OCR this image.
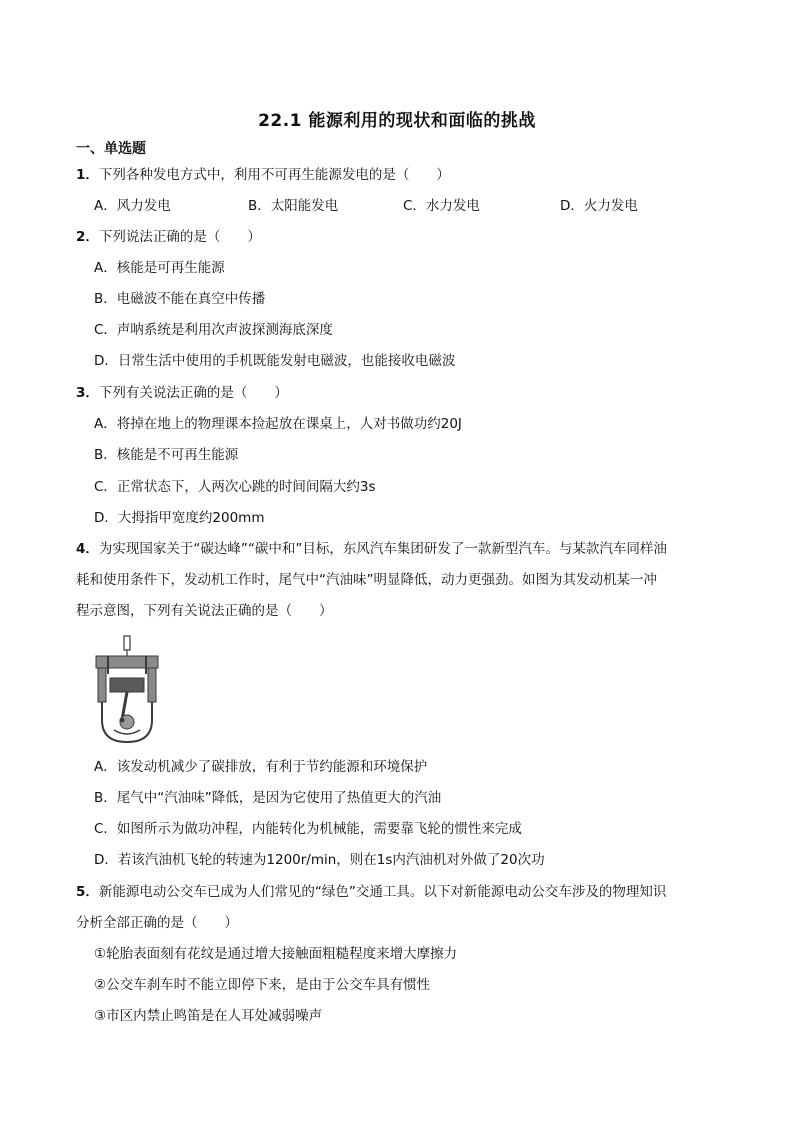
22.1 能源利用的现状和面临的挑战
一、单选题
1．下列各种发电方式中，利用不可再生能源发电的是（　　）
A．风力发电	B．太阳能发电	C．水力发电	D．火力发电
2．下列说法正确的是（　　）
A．核能是可再生能源
B．电磁波不能在真空中传播
C．声呐系统是利用次声波探测海底深度
D．日常生活中使用的手机既能发射电磁波，也能接收电磁波
3．下列有关说法正确的是（　　）
A．将掉在地上的物理课本捡起放在课桌上，人对书做功约20J
B．核能是不可再生能源
C．正常状态下，人两次心跳的时间间隔大约3s
D．大拇指甲宽度约200mm
4．为实现国家关于“碳达峰”“碳中和”目标，东风汽车集团研发了一款新型汽车。与某款汽车同样油
耗和使用条件下，发动机工作时，尾气中“汽油味”明显降低，动力更强劲。如图为其发动机某一冲
程示意图，下列有关说法正确的是（　　）
A．该发动机减少了碳排放，有利于节约能源和环境保护
B．尾气中“汽油味”降低，是因为它使用了热值更大的汽油
C．如图所示为做功冲程，内能转化为机械能，需要靠飞轮的惯性来完成
D．若该汽油机飞轮的转速为1200r/min，则在1s内汽油机对外做了20次功
5．新能源电动公交车已成为人们常见的“绿色”交通工具。以下对新能源电动公交车涉及的物理知识
分析全部正确的是（　　）
①轮胎表面刻有花纹是通过增大接触面粗糙程度来增大摩擦力
②公交车刹车时不能立即停下来，是由于公交车具有惯性
③市区内禁止鸣笛是在人耳处减弱噪声
